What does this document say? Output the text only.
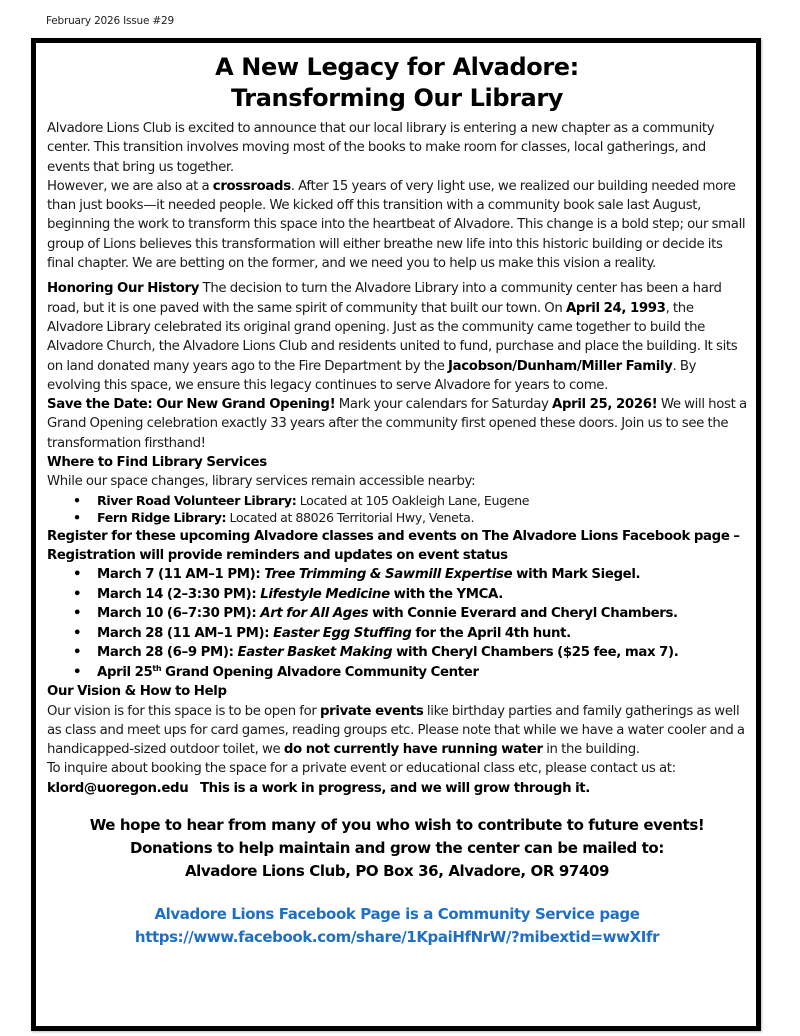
February 2026 Issue #29
A New Legacy for Alvadore:
Transforming Our Library

Alvadore Lions Club is excited to announce that our local library is entering a new chapter as a community center. This transition involves moving most of the books to make room for classes, local gatherings, and events that bring us together.

However, we are also at a crossroads. After 15 years of very light use, we realized our building needed more than just books—it needed people. We kicked off this transition with a community book sale last August, beginning the work to transform this space into the heartbeat of Alvadore. This change is a bold step; our small group of Lions believes this transformation will either breathe new life into this historic building or decide its final chapter. We are betting on the former, and we need you to help us make this vision a reality.

Honoring Our History The decision to turn the Alvadore Library into a community center has been a hard road, but it is one paved with the same spirit of community that built our town. On April 24, 1993, the Alvadore Library celebrated its original grand opening. Just as the community came together to build the Alvadore Church, the Alvadore Lions Club and residents united to fund, purchase and place the building. It sits on land donated many years ago to the Fire Department by the Jacobson/Dunham/Miller Family. By evolving this space, we ensure this legacy continues to serve Alvadore for years to come.

Save the Date: Our New Grand Opening! Mark your calendars for Saturday April 25, 2026! We will host a Grand Opening celebration exactly 33 years after the community first opened these doors. Join us to see the transformation firsthand!

Where to Find Library Services

While our space changes, library services remain accessible nearby:

• River Road Volunteer Library: Located at 105 Oakleigh Lane, Eugene
• Fern Ridge Library: Located at 88026 Territorial Hwy, Veneta.

Register for these upcoming Alvadore classes and events on The Alvadore Lions Facebook page – Registration will provide reminders and updates on event status

• March 7 (11 AM–1 PM): Tree Trimming & Sawmill Expertise with Mark Siegel.
• March 14 (2–3:30 PM): Lifestyle Medicine with the YMCA.
• March 10 (6–7:30 PM): Art for All Ages with Connie Everard and Cheryl Chambers.
• March 28 (11 AM–1 PM): Easter Egg Stuffing for the April 4th hunt.
• March 28 (6–9 PM): Easter Basket Making with Cheryl Chambers ($25 fee, max 7).
• April 25th Grand Opening Alvadore Community Center

Our Vision & How to Help

Our vision is for this space is to be open for private events like birthday parties and family gatherings as well as class and meet ups for card games, reading groups etc. Please note that while we have a water cooler and a handicapped-sized outdoor toilet, we do not currently have running water in the building.

To inquire about booking the space for a private event or educational class etc, please contact us at: klord@uoregon.edu   This is a work in progress, and we will grow through it.

We hope to hear from many of you who wish to contribute to future events!
Donations to help maintain and grow the center can be mailed to:
Alvadore Lions Club, PO Box 36, Alvadore, OR 97409
Alvadore Lions Facebook Page is a Community Service page
https://www.facebook.com/share/1KpaiHfNrW/?mibextid=wwXIfr
